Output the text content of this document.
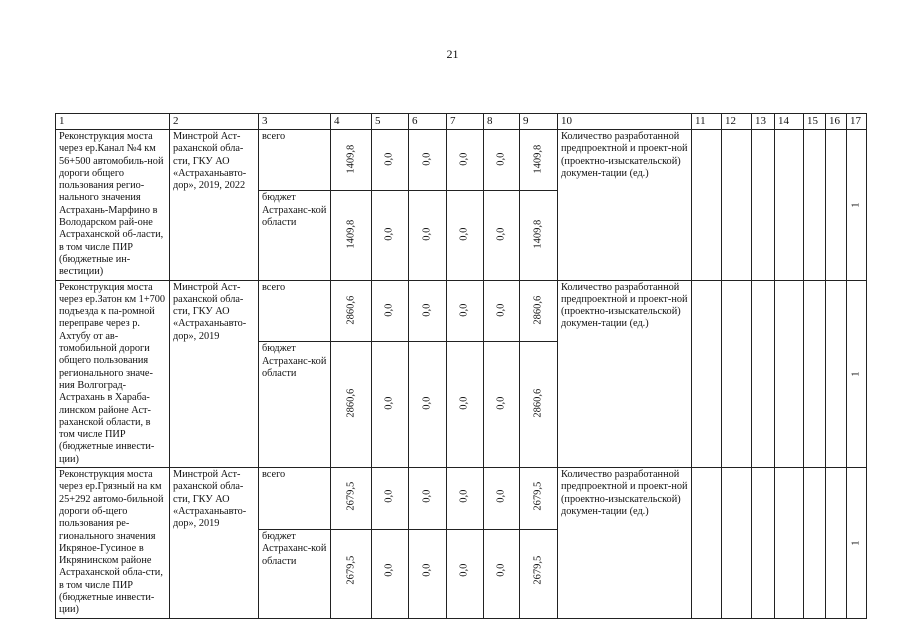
21
1	2	3	4	5	6	7	8	9	10	11	12	13	14	15	16	17

Реконструкция моста через ер.Канал №4 км 56+500 автомобиль-ной дороги общего пользования регио-нального значения Астрахань-Марфино в Володарском рай-оне Астраханской об-ласти, в том числе ПИР (бюджетные ин-вестиции)	Минстрой Аст-раханской обла-сти, ГКУ АО «Астраханьавто-дор», 2019, 2022	всего	1409,8	0,0	0,0	0,0	0,0	1409,8	Количество разработанной предпроектной и проект-ной (проектно-изыскательской) докумен-тации (ед.)							1

		бюджет Астраханс-кой области	1409,8	0,0	0,0	0,0	0,0	1409,8								

Реконструкция моста через ер.Затон км 1+700 подъезда к па-ромной переправе через р. Ахтубу от ав-томобильной дороги общего пользования регионального значе-ния Волгоград-Астрахань в Харaба-линском районе Аст-раханской области, в том числе ПИР (бюджетные инвести-ции)	Минстрой Аст-раханской обла-сти, ГКУ АО «Астраханьавто-дор», 2019	всего	2860,6	0,0	0,0	0,0	0,0	2860,6	Количество разработанной предпроектной и проект-ной (проектно-изыскательской) докумен-тации (ед.)							1

		бюджет Астраханс-кой области	2860,6	0,0	0,0	0,0	0,0	2860,6								

Реконструкция моста через ер.Грязный на км 25+292 автомо-бильной дороги об-щего пользования ре-гионального значения Икряное-Гусиное в Икрянинском районе Астраханской обла-сти, в том числе ПИР (бюджетные инвести-ции)	Минстрой Аст-раханской обла-сти, ГКУ АО «Астраханьавто-дор», 2019	всего	2679,5	0,0	0,0	0,0	0,0	2679,5	Количество разработанной предпроектной и проект-ной (проектно-изыскательской) докумен-тации (ед.)							1

		бюджет Астраханс-кой области	2679,5	0,0	0,0	0,0	0,0	2679,5								
